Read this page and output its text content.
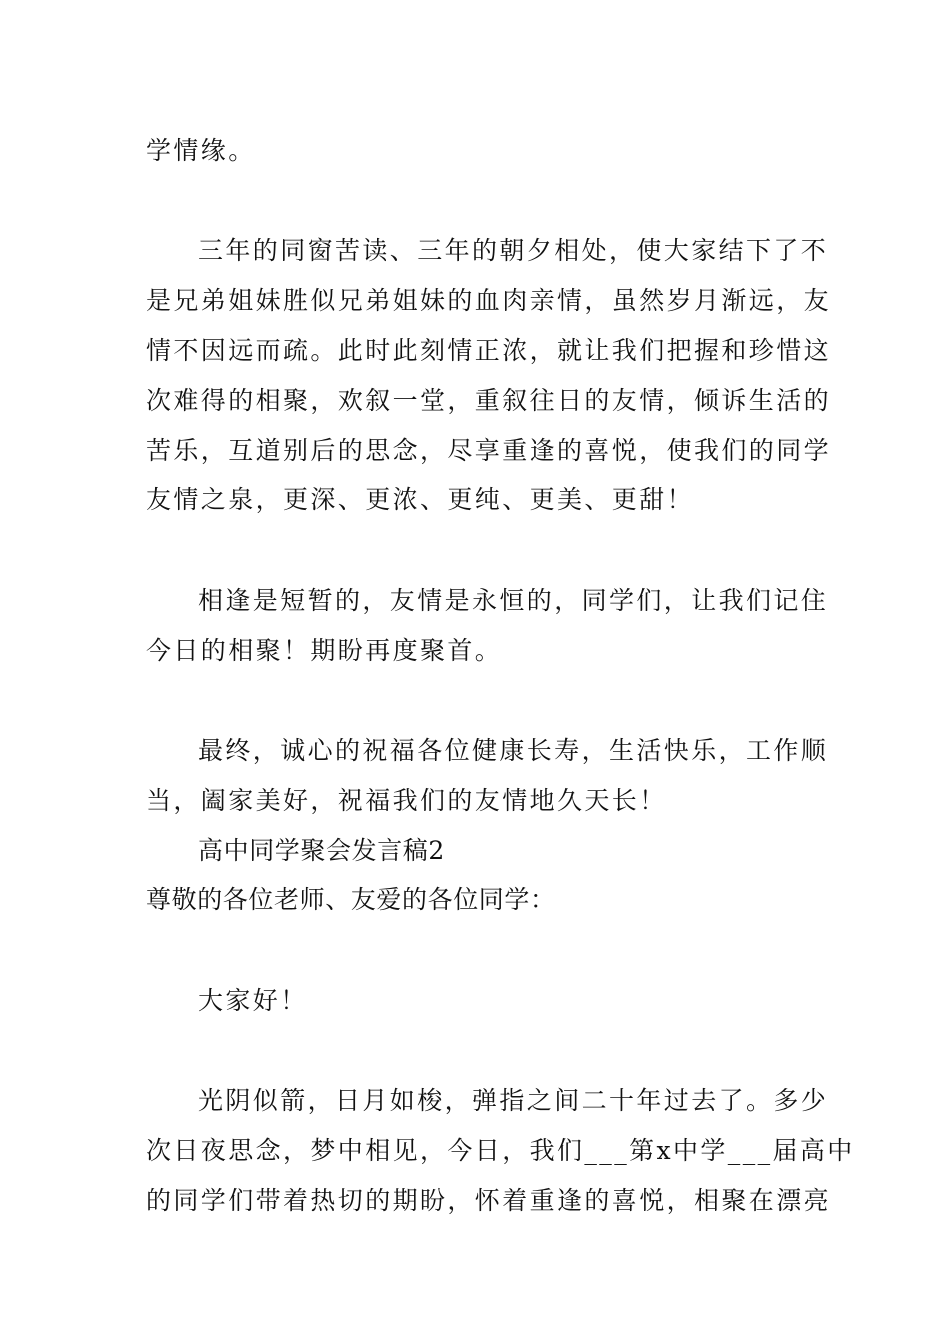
学情缘。
三年的同窗苦读、三年的朝夕相处，使大家结下了不
是兄弟姐妹胜似兄弟姐妹的血肉亲情，虽然岁月渐远，友
情不因远而疏。此时此刻情正浓，就让我们把握和珍惜这
次难得的相聚，欢叙一堂，重叙往日的友情，倾诉生活的
苦乐，互道别后的思念，尽享重逢的喜悦，使我们的同学
友情之泉，更深、更浓、更纯、更美、更甜！
相逢是短暂的，友情是永恒的，同学们，让我们记住
今日的相聚！期盼再度聚首。
最终，诚心的祝福各位健康长寿，生活快乐，工作顺
当，阖家美好，祝福我们的友情地久天长！
高中同学聚会发言稿2
尊敬的各位老师、友爱的各位同学：
大家好！
光阴似箭，日月如梭，弹指之间二十年过去了。多少
次日夜思念，梦中相见，今日，我们___第x中学___届高中
的同学们带着热切的期盼，怀着重逢的喜悦，相聚在漂亮
